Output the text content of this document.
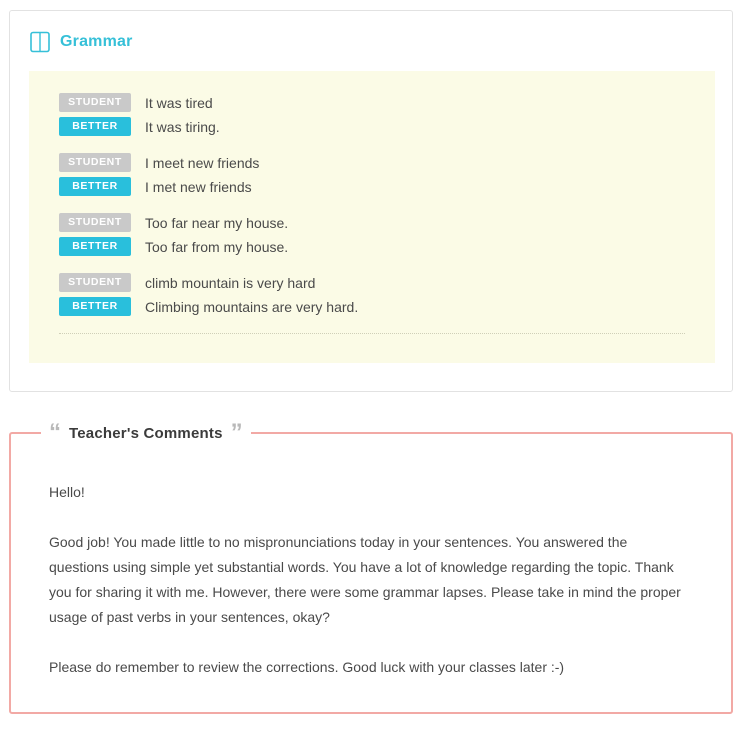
Grammar
STUDENT	It was tired
BETTER	It was tiring.
STUDENT	I meet new friends
BETTER	I met new friends
STUDENT	Too far near my house.
BETTER	Too far from my house.
STUDENT	climb mountain is very hard
BETTER	Climbing mountains are very hard.
“ Teacher's Comments ”

Hello!

Good job! You made little to no mispronunciations today in your sentences. You answered the questions using simple yet substantial words. You have a lot of knowledge regarding the topic. Thank you for sharing it with me. However, there were some grammar lapses. Please take in mind the proper usage of past verbs in your sentences, okay?

Please do remember to review the corrections. Good luck with your classes later :-)
